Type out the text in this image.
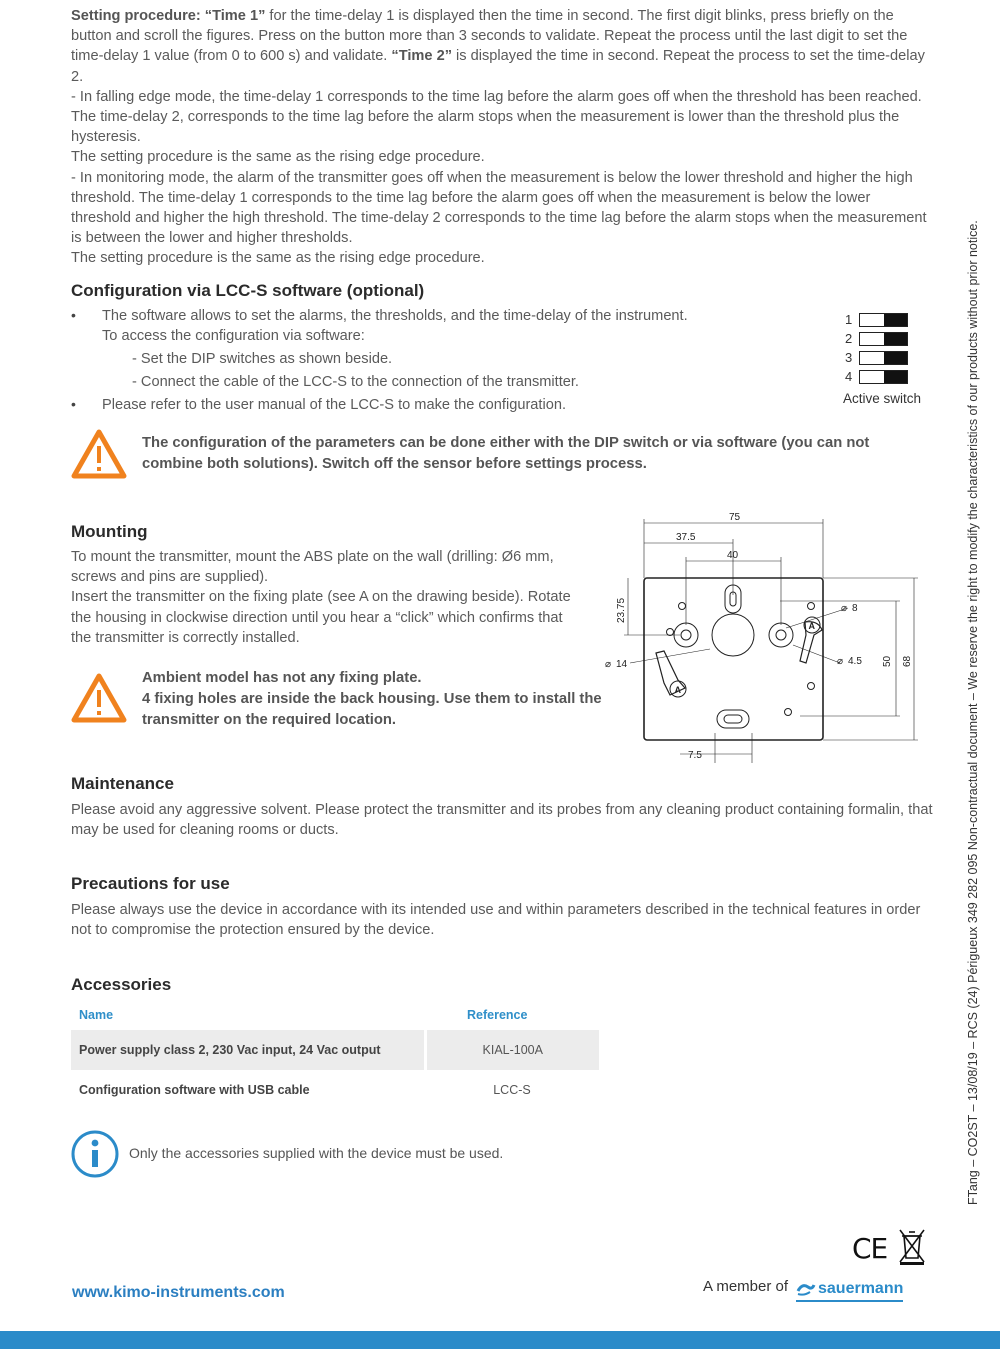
Setting procedure: “Time 1” for the time-delay 1 is displayed then the time in second. The first digit blinks, press briefly on the button and scroll the figures. Press on the button more than 3 seconds to validate. Repeat the process until the last digit to set the time-delay 1 value (from 0 to 600 s) and validate. “Time 2” is displayed the time in second. Repeat the process to set the time-delay 2.

- In falling edge mode, the time-delay 1 corresponds to the time lag before the alarm goes off when the threshold has been reached. The time-delay 2, corresponds to the time lag before the alarm stops when the measurement is lower than the threshold plus the hysteresis.

The setting procedure is the same as the rising edge procedure.

- In monitoring mode, the alarm of the transmitter goes off when the measurement is below the lower threshold and higher the high threshold. The time-delay 1 corresponds to the time lag before the alarm goes off when the measurement is below the lower threshold and higher the high threshold. The time-delay 2 corresponds to the time lag before the alarm stops when the measurement is between the lower and higher thresholds.

The setting procedure is the same as the rising edge procedure.

Configuration via LCC-S software (optional)
• The software allows to set the alarms, the thresholds, and the time-delay of the instrument.
To access the configuration via software:
- Set the DIP switches as shown beside.
- Connect the cable of the LCC-S to the connection of the transmitter.
• Please refer to the user manual of the LCC-S to make the configuration.
1
2
3
4
Active switch
The configuration of the parameters can be done either with the DIP switch or via software (you can not combine both solutions). Switch off the sensor before settings process.
Mounting

To mount the transmitter, mount the ABS plate on the wall (drilling: Ø6 mm, screws and pins are supplied).

Insert the transmitter on the fixing plate (see A on the drawing beside). Rotate the housing in clockwise direction until you hear a “click” which confirms that the transmitter is correctly installed.

Ambient model has not any fixing plate.
4 fixing holes are inside the back housing. Use them to install the transmitter on the required location.
75
37.5
40
23.75	8
⌀
14
⌀	4.5
⌀	50 68
7.5
A
A
Maintenance
Please avoid any aggressive solvent. Please protect the transmitter and its probes from any cleaning product containing formalin, that may be used for cleaning rooms or ducts.
Precautions for use
Please always use the device in accordance with its intended use and within parameters described in the technical features in order not to compromise the protection ensured by the device.
Accessories
Name	Reference
Power supply class 2, 230 Vac input, 24 Vac output	KIAL-100A
Configuration software with USB cable	LCC-S
Only the accessories supplied with the device must be used.	FTang – CO2ST – 13/08/19 – RCS (24) Périgueux 349 282 095 Non-contractual document – We reserve the right to modify the characteristics of our products without prior notice.
CE
www.kimo-instruments.com	A member of sauermann
